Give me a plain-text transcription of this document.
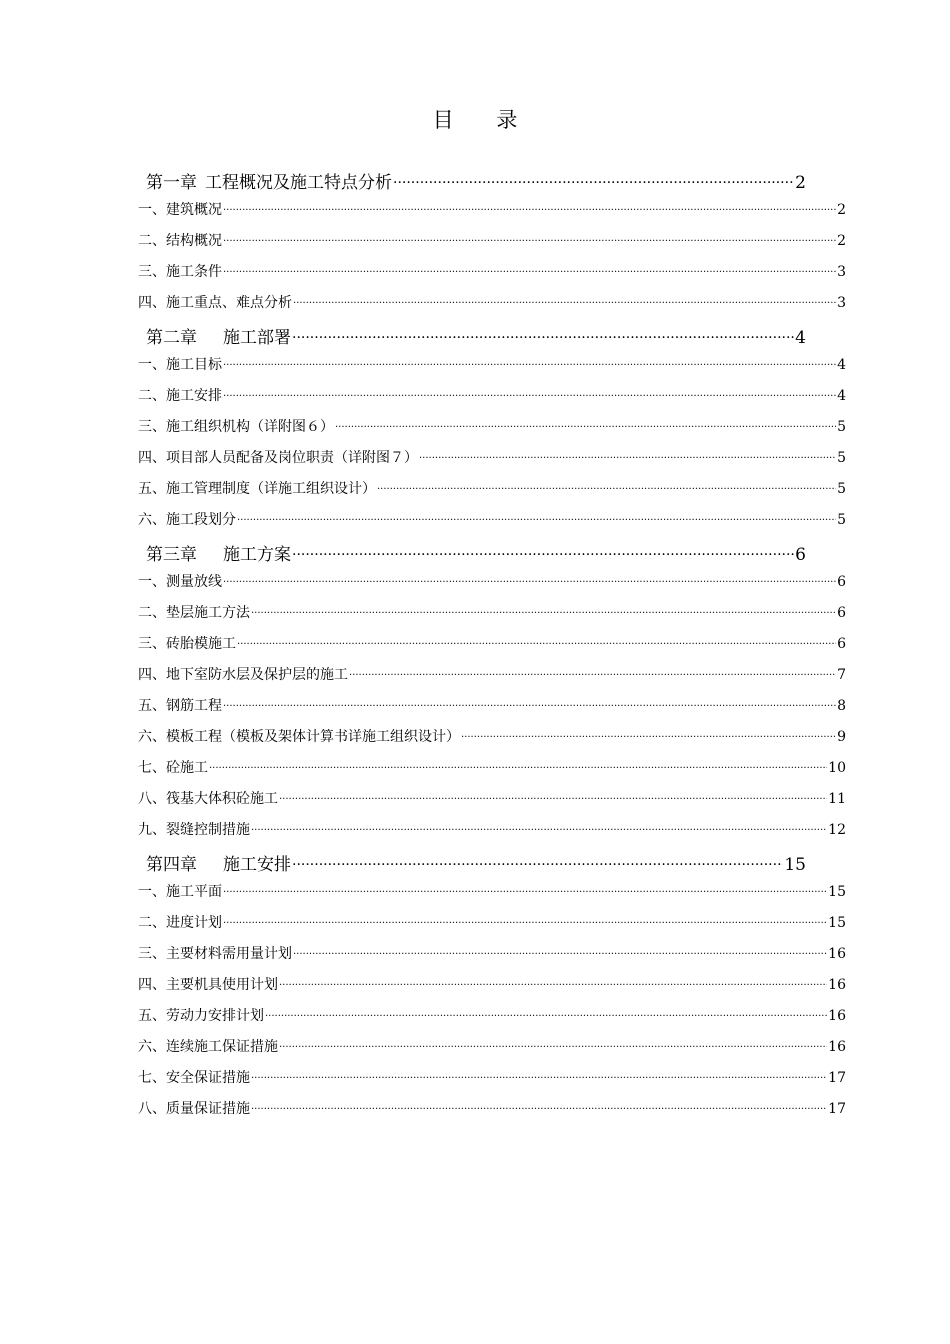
目 录
第一章 工程概况及施工特点分析 .....	2
一、建筑概况 .....	2
二、结构概况 .....	2
三、施工条件 .....	3
四、施工重点、难点分析 .....	3
第二章 施工部署 .....	4
一、施工目标 .....	4
二、施工安排 .....	4
三、施工组织机构（详附图６） .....	5
四、项目部人员配备及岗位职责（详附图７） .....	5
五、施工管理制度（详施工组织设计） .....	5
六、施工段划分 .....	5
第三章 施工方案 .....	6
一、测量放线 .....	6
二、垫层施工方法 .....	6
三、砖胎模施工 .....	6
四、地下室防水层及保护层的施工 .....	7
五、钢筋工程 .....	8
六、模板工程（模板及架体计算书详施工组织设计） .....	9
七、砼施工 .....	10
八、筏基大体积砼施工 .....	11
九、裂缝控制措施 .....	12
第四章 施工安排 .....	15
一、施工平面 .....	15
二、进度计划 .....	15
三、主要材料需用量计划 .....	16
四、主要机具使用计划 .....	16
五、劳动力安排计划 .....	16
六、连续施工保证措施 .....	16
七、安全保证措施 .....	17
八、质量保证措施 .....	17
